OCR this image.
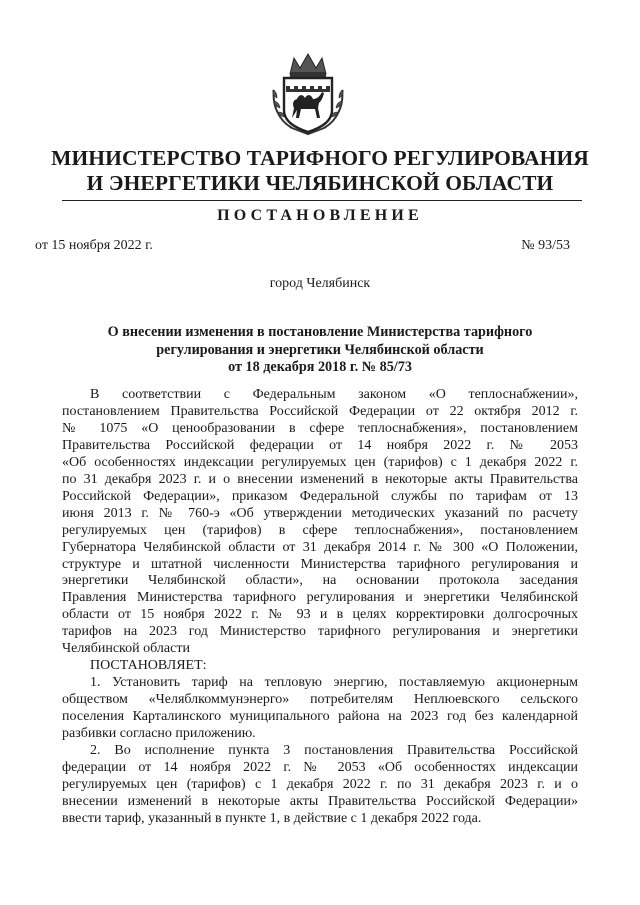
МИНИСТЕРСТВО ТАРИФНОГО РЕГУЛИРОВАНИЯ
И ЭНЕРГЕТИКИ ЧЕЛЯБИНСКОЙ ОБЛАСТИ
ПОСТАНОВЛЕНИЕ
от 15 ноября 2022 г.	№ 93/53
город Челябинск
О внесении изменения в постановление Министерства тарифного
регулирования и энергетики Челябинской области
от 18 декабря 2018 г. № 85/73
В соответствии с Федеральным законом «О теплоснабжении»,
постановлением Правительства Российской Федерации от 22 октября 2012 г.
№ 1075 «О ценообразовании в сфере теплоснабжения», постановлением
Правительства Российской федерации от 14 ноября 2022 г. № 2053
«Об особенностях индексации регулируемых цен (тарифов) с 1 декабря 2022 г.
по 31 декабря 2023 г. и о внесении изменений в некоторые акты Правительства
Российской Федерации», приказом Федеральной службы по тарифам от 13
июня 2013 г. № 760-э «Об утверждении методических указаний по расчету
регулируемых цен (тарифов) в сфере теплоснабжения», постановлением
Губернатора Челябинской области от 31 декабря 2014 г. № 300 «О Положении,
структуре и штатной численности Министерства тарифного регулирования и
энергетики Челябинской области», на основании протокола заседания
Правления Министерства тарифного регулирования и энергетики Челябинской
области от 15 ноября 2022 г. № 93 и в целях корректировки долгосрочных
тарифов на 2023 год Министерство тарифного регулирования и энергетики
Челябинской области
ПОСТАНОВЛЯЕТ:
1. Установить тариф на тепловую энергию, поставляемую акционерным
обществом «Челяблкоммунэнерго» потребителям Неплюевского сельского
поселения Карталинского муниципального района на 2023 год без календарной
разбивки согласно приложению.
2. Во исполнение пункта 3 постановления Правительства Российской
федерации от 14 ноября 2022 г. № 2053 «Об особенностях индексации
регулируемых цен (тарифов) с 1 декабря 2022 г. по 31 декабря 2023 г. и о
внесении изменений в некоторые акты Правительства Российской Федерации»
ввести тариф, указанный в пункте 1, в действие с 1 декабря 2022 года.
